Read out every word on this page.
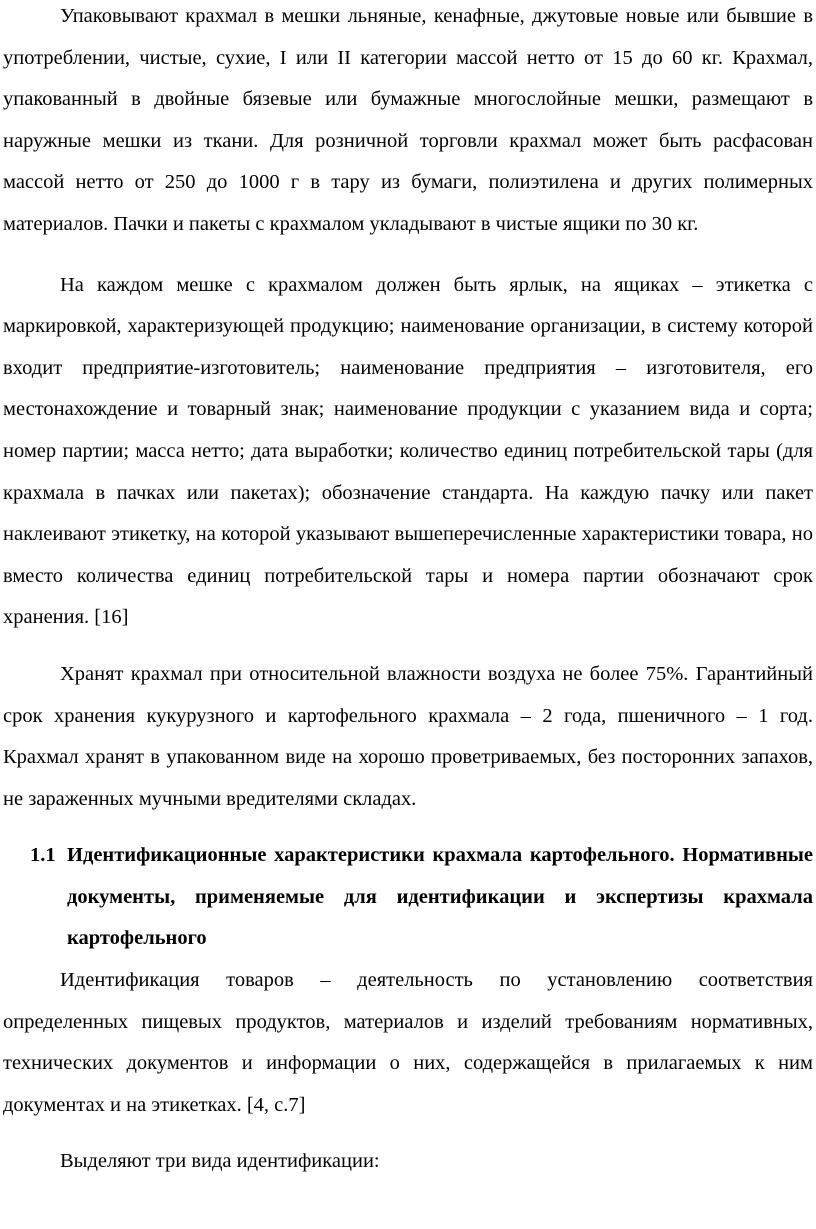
Упаковывают крахмал в мешки льняные, кенафные, джутовые новые или бывшие в употреблении, чистые, сухие, I или II категории массой нетто от 15 до 60 кг. Крахмал, упакованный в двойные бязевые или бумажные многослойные мешки, размещают в наружные мешки из ткани. Для розничной торговли крахмал может быть расфасован массой нетто от 250 до 1000 г в тару из бумаги, полиэтилена и других полимерных материалов. Пачки и пакеты с крахмалом укладывают в чистые ящики по 30 кг.

На каждом мешке с крахмалом должен быть ярлык, на ящиках – этикетка с маркировкой, характеризующей продукцию; наименование организации, в систему которой входит предприятие-изготовитель; наименование предприятия – изготовителя, его местонахождение и товарный знак; наименование продукции с указанием вида и сорта; номер партии; масса нетто; дата выработки; количество единиц потребительской тары (для крахмала в пачках или пакетах); обозначение стандарта. На каждую пачку или пакет наклеивают этикетку, на которой указывают вышеперечисленные характеристики товара, но вместо количества единиц потребительской тары и номера партии обозначают срок хранения. [16]

Хранят крахмал при относительной влажности воздуха не более 75%. Гарантийный срок хранения кукурузного и картофельного крахмала – 2 года, пшеничного – 1 год. Крахмал хранят в упакованном виде на хорошо проветриваемых, без посторонних запахов, не зараженных мучными вредителями складах.

1.1 Идентификационные характеристики крахмала картофельного. Нормативные документы, применяемые для идентификации и экспертизы крахмала картофельного

Идентификация товаров – деятельность по установлению соответствия определенных пищевых продуктов, материалов и изделий требованиям нормативных, технических документов и информации о них, содержащейся в прилагаемых к ним документах и на этикетках. [4, с.7]

Выделяют три вида идентификации:
